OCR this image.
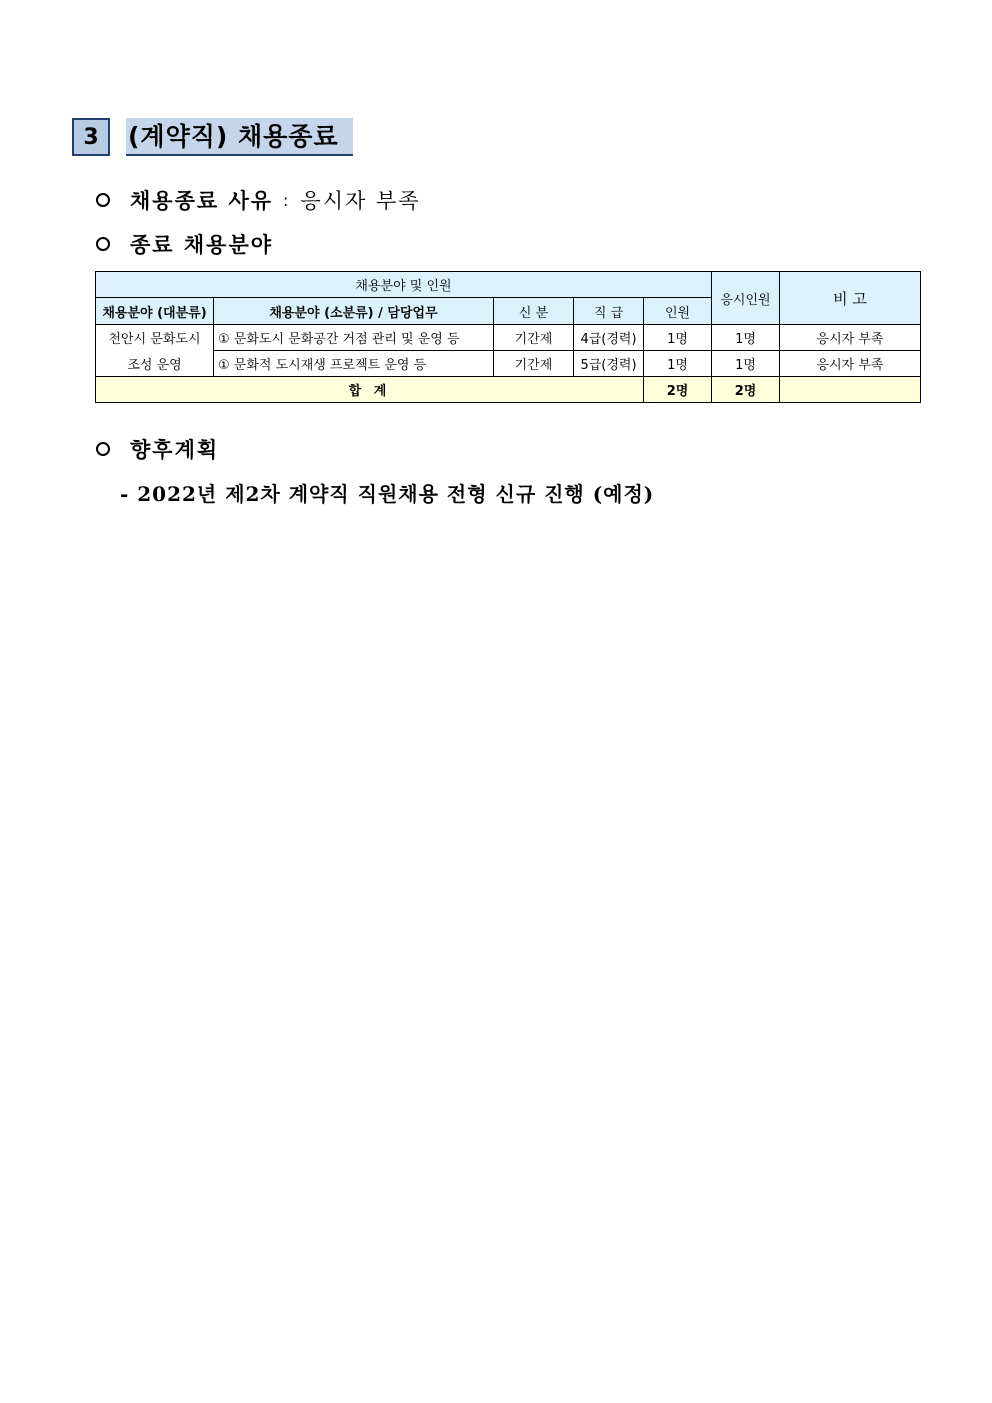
3	(계약직) 채용종료
채용종료 사유 : 응시자 부족
종료 채용분야
채용분야 및 인원					응시인원	비 고
채용분야 (대분류)	채용분야 (소분류) / 담당업무	신 분	직 급	인원		
천안시 문화도시	① 문화도시 문화공간 거점 관리 및 운영 등	기간제	4급(경력)	1명	1명	응시자 부족
조성 운영	① 문화적 도시재생 프로젝트 운영 등	기간제	5급(경력)	1명	1명	응시자 부족
합 계				2명	2명	
향후계획
- 2022년 제2차 계약직 직원채용 전형 신규 진행 (예정)
